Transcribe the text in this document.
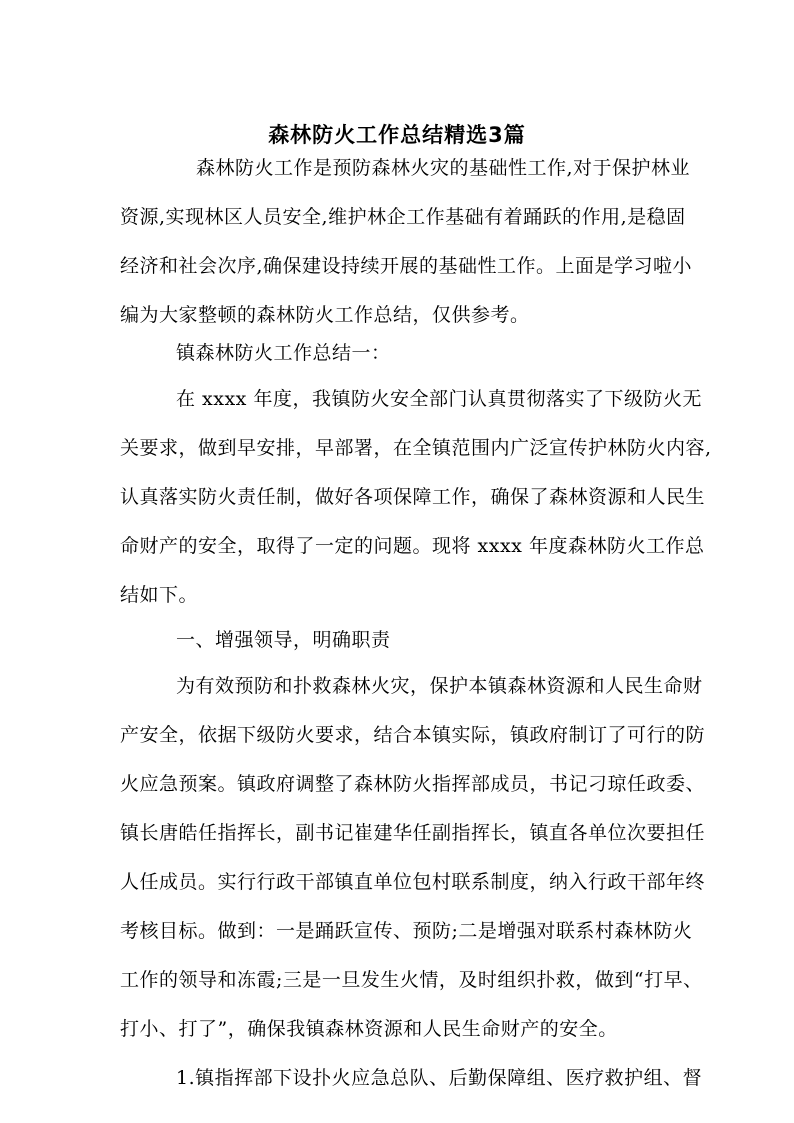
森林防火工作总结精选3篇
森林防火工作是预防森林火灾的基础性工作,对于保护林业
资源,实现林区人员安全,维护林企工作基础有着踊跃的作用,是稳固
经济和社会次序,确保建设持续开展的基础性工作。上面是学习啦小
编为大家整顿的森林防火工作总结，仅供参考。
镇森林防火工作总结一：
在 xxxx 年度，我镇防火安全部门认真贯彻落实了下级防火无
关要求，做到早安排，早部署，在全镇范围内广泛宣传护林防火内容,
认真落实防火责任制，做好各项保障工作，确保了森林资源和人民生
命财产的安全，取得了一定的问题。现将 xxxx 年度森林防火工作总
结如下。
一、增强领导，明确职责
为有效预防和扑救森林火灾，保护本镇森林资源和人民生命财
产安全，依据下级防火要求，结合本镇实际，镇政府制订了可行的防
火应急预案。镇政府调整了森林防火指挥部成员，书记刁琼任政委、
镇长唐皓任指挥长，副书记崔建华任副指挥长，镇直各单位次要担任
人任成员。实行行政干部镇直单位包村联系制度，纳入行政干部年终
考核目标。做到：一是踊跃宣传、预防;二是增强对联系村森林防火
工作的领导和冻霞;三是一旦发生火情，及时组织扑救，做到“打早、
打小、打了”，确保我镇森林资源和人民生命财产的安全。
1.镇指挥部下设扑火应急总队、后勤保障组、医疗救护组、督
